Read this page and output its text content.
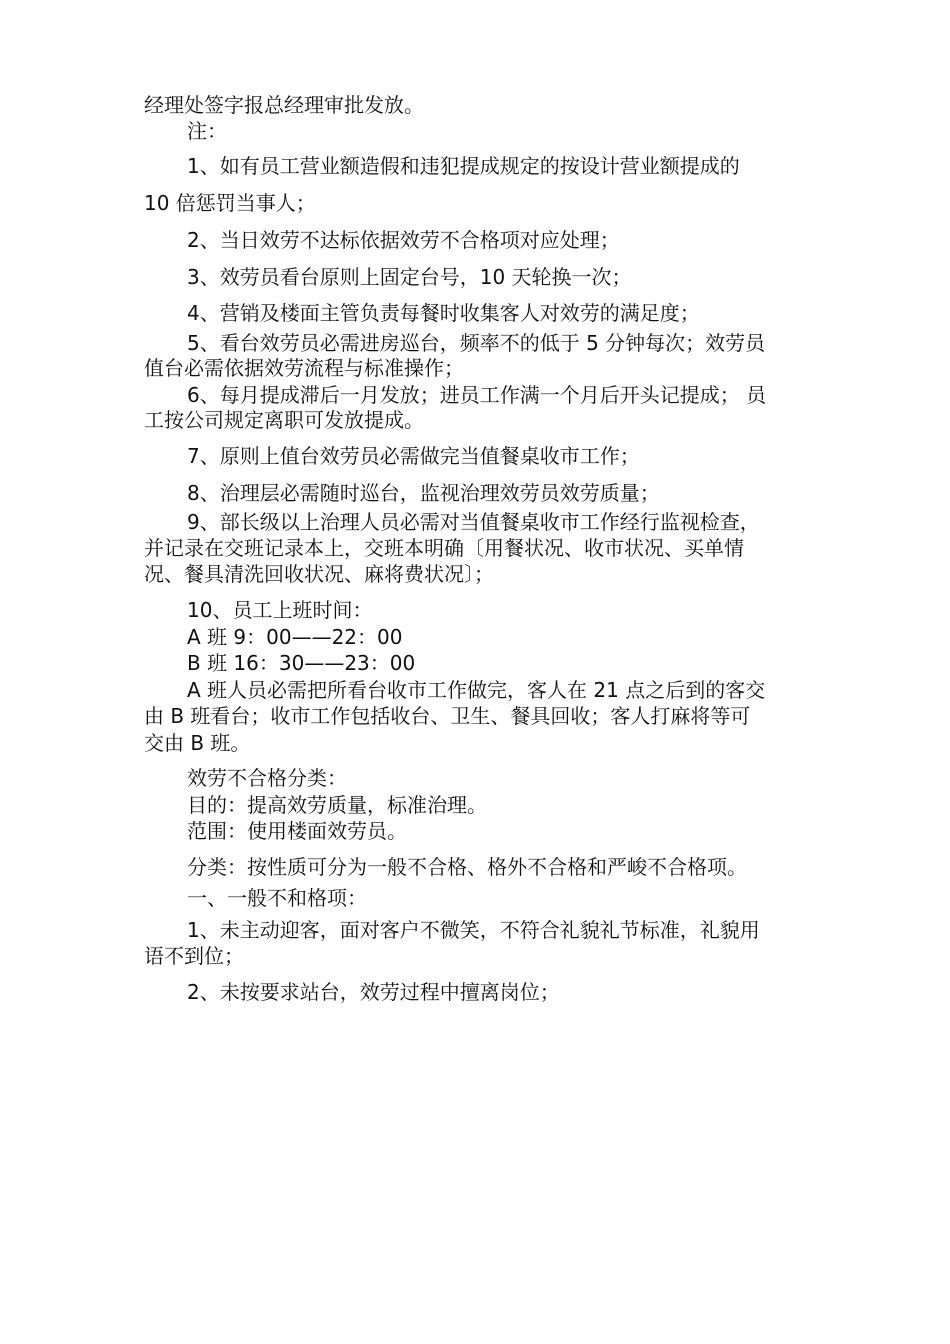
经理处签字报总经理审批发放。
注：
1、如有员工营业额造假和违犯提成规定的按设计营业额提成的
10 倍惩罚当事人；
2、当日效劳不达标依据效劳不合格项对应处理；
3、效劳员看台原则上固定台号，10 天轮换一次；
4、营销及楼面主管负责每餐时收集客人对效劳的满足度；
5、看台效劳员必需进房巡台，频率不的低于 5 分钟每次；效劳员
值台必需依据效劳流程与标准操作；
6、每月提成滞后一月发放；进员工作满一个月后开头记提成； 员
工按公司规定离职可发放提成。
7、原则上值台效劳员必需做完当值餐桌收市工作；
8、治理层必需随时巡台，监视治理效劳员效劳质量；
9、部长级以上治理人员必需对当值餐桌收市工作经行监视检查，
并记录在交班记录本上，交班本明确〔用餐状况、收市状况、买单情
况、餐具清洗回收状况、麻将费状况〕；
10、员工上班时间：
A 班 9：00——22：00
B 班 16：30——23：00
A 班人员必需把所看台收市工作做完，客人在 21 点之后到的客交
由 B 班看台；收市工作包括收台、卫生、餐具回收；客人打麻将等可
交由 B 班。
效劳不合格分类：
目的：提高效劳质量，标准治理。
范围：使用楼面效劳员。
分类：按性质可分为一般不合格、格外不合格和严峻不合格项。
一、一般不和格项：
1、未主动迎客，面对客户不微笑，不符合礼貌礼节标准，礼貌用
语不到位；
2、未按要求站台，效劳过程中擅离岗位；
